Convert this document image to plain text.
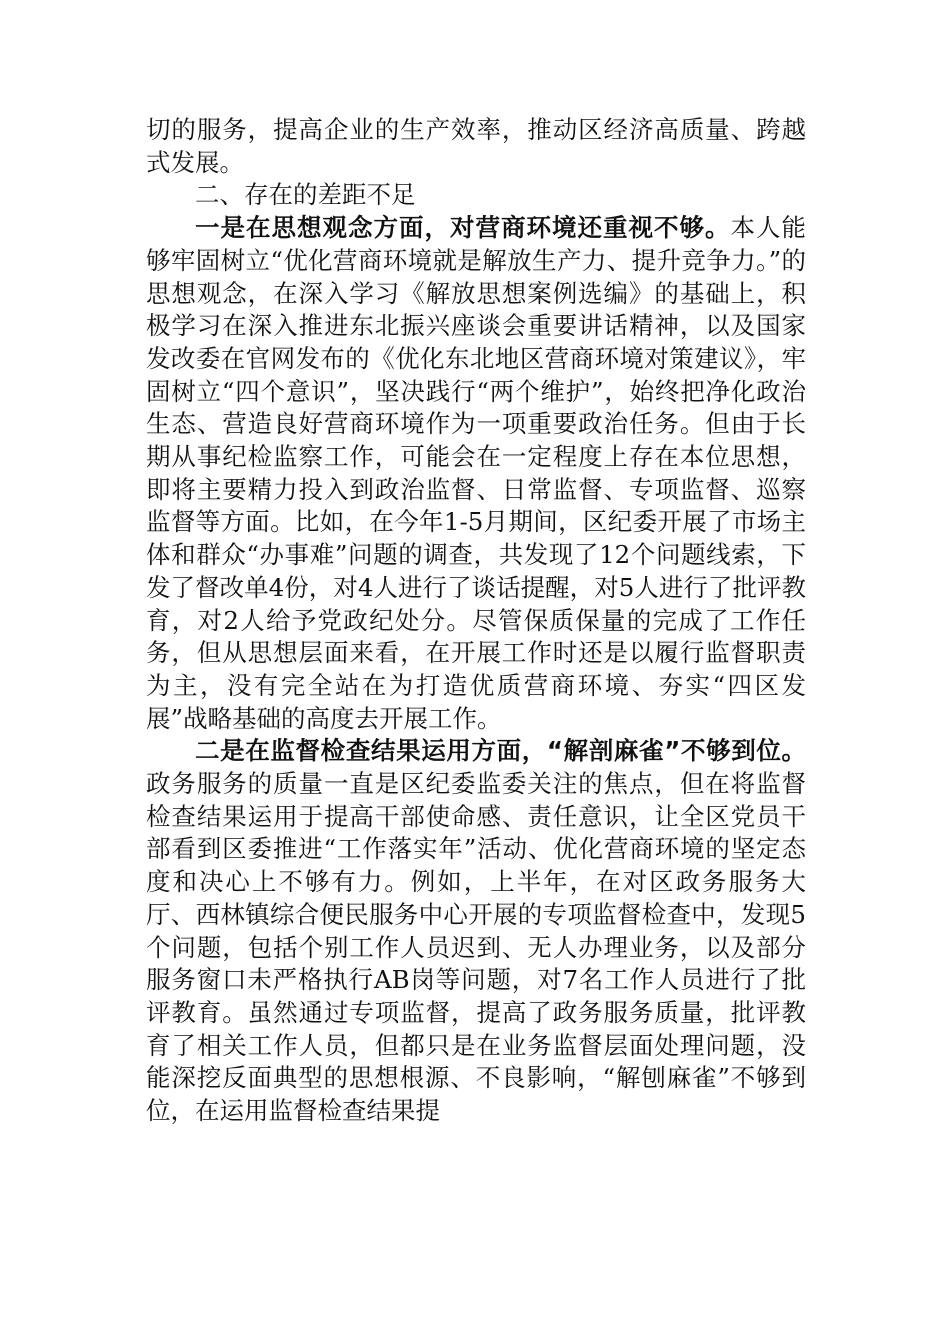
切的服务，提高企业的生产效率，推动区经济高质量、跨越式发展。

二、存在的差距不足

一是在思想观念方面，对营商环境还重视不够。本人能够牢固树立“优化营商环境就是解放生产力、提升竞争力。”的思想观念，在深入学习《解放思想案例选编》的基础上，积极学习在深入推进东北振兴座谈会重要讲话精神，以及国家发改委在官网发布的《优化东北地区营商环境对策建议》，牢固树立“四个意识”，坚决践行“两个维护”，始终把净化政治生态、营造良好营商环境作为一项重要政治任务。但由于长期从事纪检监察工作，可能会在一定程度上存在本位思想，即将主要精力投入到政治监督、日常监督、专项监督、巡察监督等方面。比如，在今年1-5月期间，区纪委开展了市场主体和群众“办事难”问题的调查，共发现了12个问题线索，下发了督改单4份，对4人进行了谈话提醒，对5人进行了批评教育，对2人给予党政纪处分。尽管保质保量的完成了工作任务，但从思想层面来看，在开展工作时还是以履行监督职责为主，没有完全站在为打造优质营商环境、夯实“四区发展”战略基础的高度去开展工作。

二是在监督检查结果运用方面，“解剖麻雀”不够到位。政务服务的质量一直是区纪委监委关注的焦点，但在将监督检查结果运用于提高干部使命感、责任意识，让全区党员干部看到区委推进“工作落实年”活动、优化营商环境的坚定态度和决心上不够有力。例如，上半年，在对区政务服务大厅、西林镇综合便民服务中心开展的专项监督检查中，发现5个问题，包括个别工作人员迟到、无人办理业务，以及部分服务窗口未严格执行AB岗等问题，对7名工作人员进行了批评教育。虽然通过专项监督，提高了政务服务质量，批评教育了相关工作人员，但都只是在业务监督层面处理问题，没能深挖反面典型的思想根源、不良影响，“解刨麻雀”不够到位，在运用监督检查结果提
